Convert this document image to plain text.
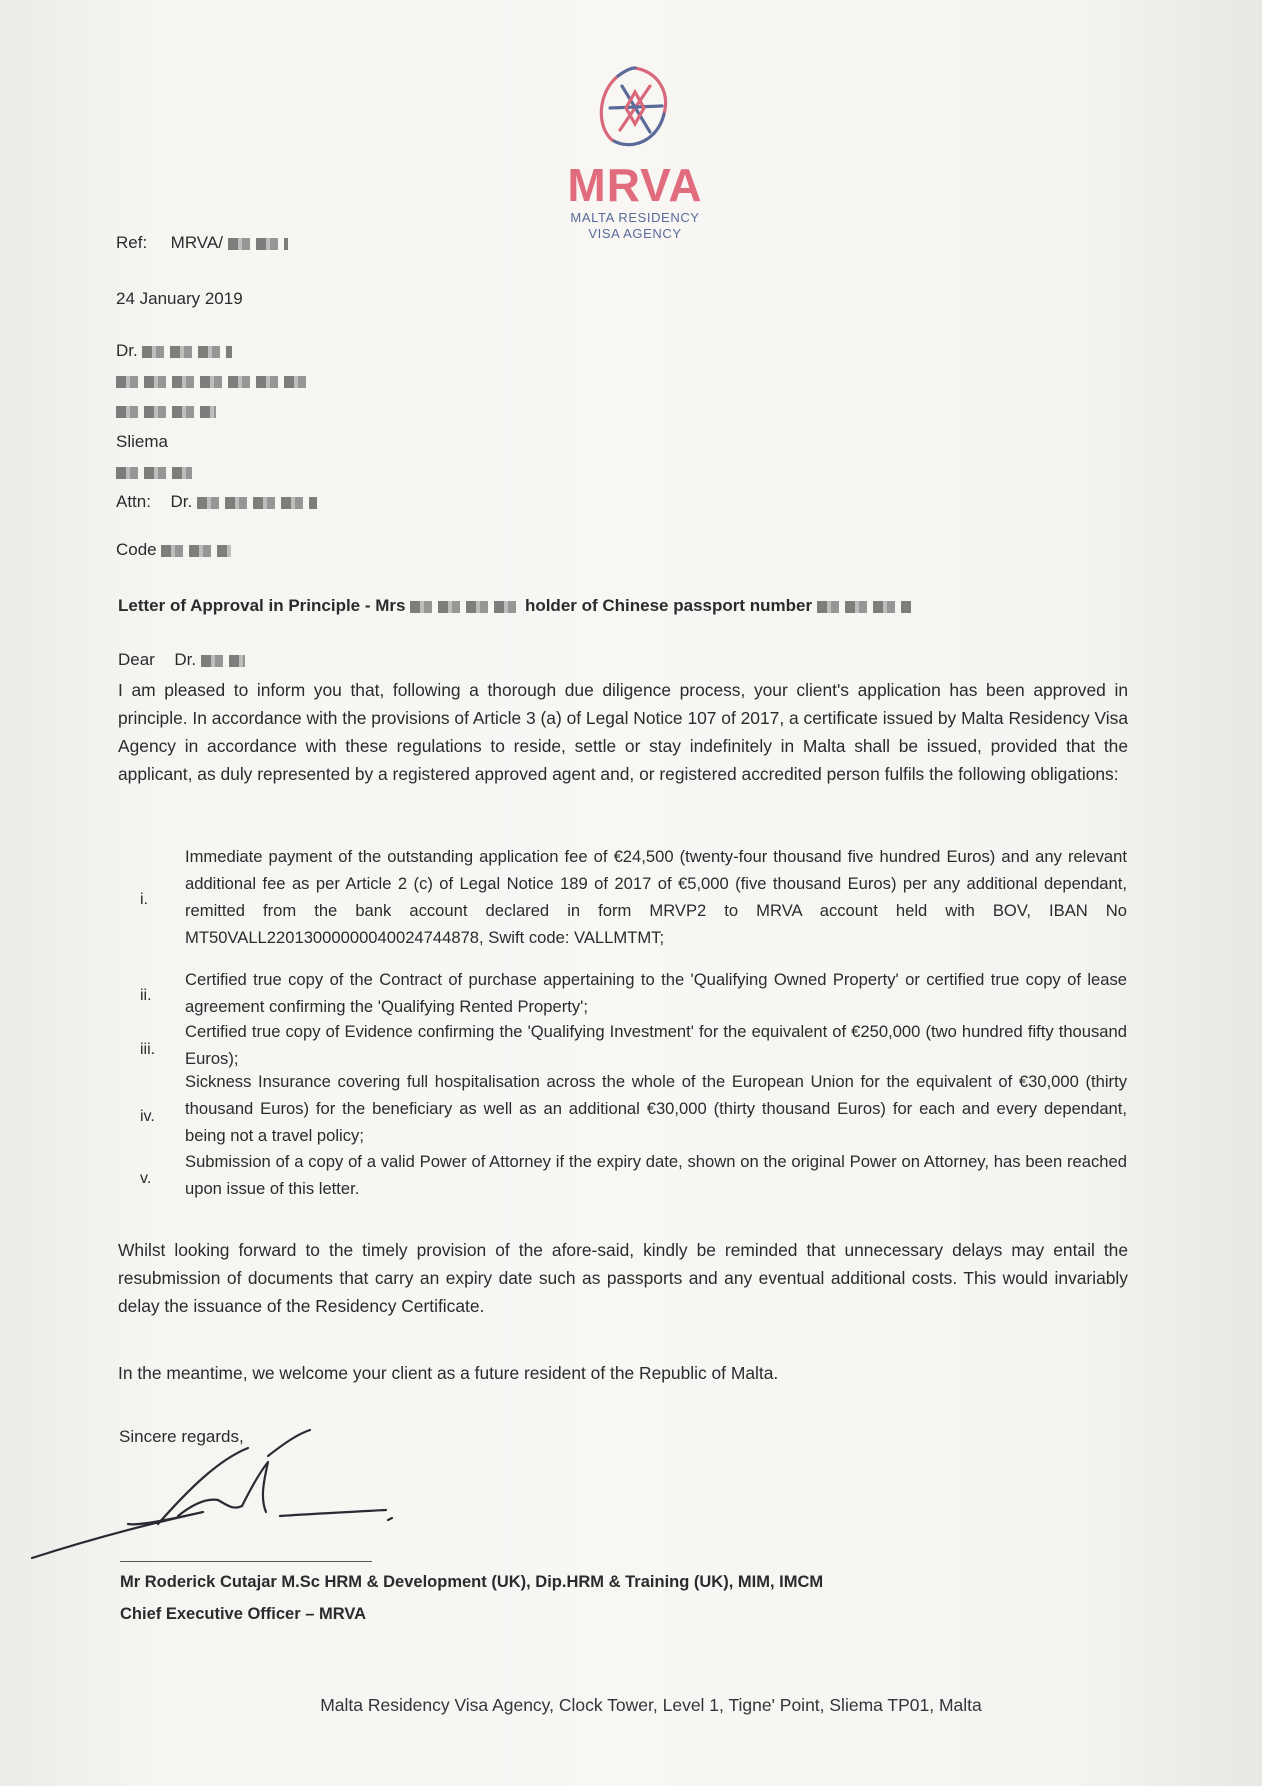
MRVA
MALTA RESIDENCY
VISA AGENCY
Ref: MRVA/
24 January 2019
Dr.
Sliema
Attn: Dr.
Code
Letter of Approval in Principle - Mrs	holder of Chinese passport number
Dear Dr.
I am pleased to inform you that, following a thorough due diligence process, your client's application has been approved in principle. In accordance with the provisions of Article 3 (a) of Legal Notice 107 of 2017, a certificate issued by Malta Residency Visa Agency in accordance with these regulations to reside, settle or stay indefinitely in Malta shall be issued, provided that the applicant, as duly represented by a registered approved agent and, or registered accredited person fulfils the following obligations:
i.
Immediate payment of the outstanding application fee of €24,500 (twenty-four thousand five hundred Euros) and any relevant additional fee as per Article 2 (c) of Legal Notice 189 of 2017 of €5,000 (five thousand Euros) per any additional dependant, remitted from the bank account declared in form MRVP2 to MRVA account held with BOV, IBAN No MT50VALL22013000000040024744878, Swift code: VALLMTMT;
ii.
Certified true copy of the Contract of purchase appertaining to the 'Qualifying Owned Property' or certified true copy of lease agreement confirming the 'Qualifying Rented Property';
iii.
Certified true copy of Evidence confirming the 'Qualifying Investment' for the equivalent of €250,000 (two hundred fifty thousand Euros);
iv.
Sickness Insurance covering full hospitalisation across the whole of the European Union for the equivalent of €30,000 (thirty thousand Euros) for the beneficiary as well as an additional €30,000 (thirty thousand Euros) for each and every dependant, being not a travel policy;
v.
Submission of a copy of a valid Power of Attorney if the expiry date, shown on the original Power on Attorney, has been reached upon issue of this letter.
Whilst looking forward to the timely provision of the afore-said, kindly be reminded that unnecessary delays may entail the resubmission of documents that carry an expiry date such as passports and any eventual additional costs. This would invariably delay the issuance of the Residency Certificate.
In the meantime, we welcome your client as a future resident of the Republic of Malta.
Sincere regards,
Mr Roderick Cutajar M.Sc HRM & Development (UK), Dip.HRM & Training (UK), MIM, IMCM
Chief Executive Officer – MRVA
Malta Residency Visa Agency, Clock Tower, Level 1, Tigne' Point, Sliema TP01, Malta
